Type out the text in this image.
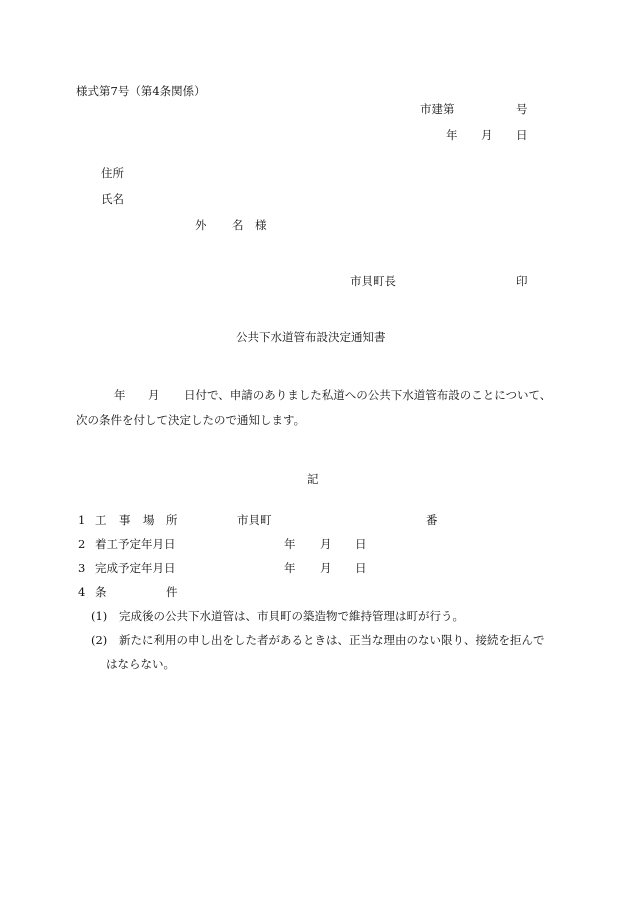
様式第7号（第4条関係）
市建第	号
年 月 日
住所
氏名
外 名 様
市貝町長	印
公共下水道管布設決定通知書
年 月 日付で、申請のありました私道への公共下水道管布設のことについて、
次の条件を付して決定したので通知します。
記
1 工 事 場 所	市貝町	番
2 着工予定年月日	年 月 日
3 完成予定年月日	年 月 日
4 条	件
(1) 完成後の公共下水道管は、市貝町の築造物で維持管理は町が行う。
(2) 新たに利用の申し出をした者があるときは、正当な理由のない限り、接続を拒んで
はならない。
